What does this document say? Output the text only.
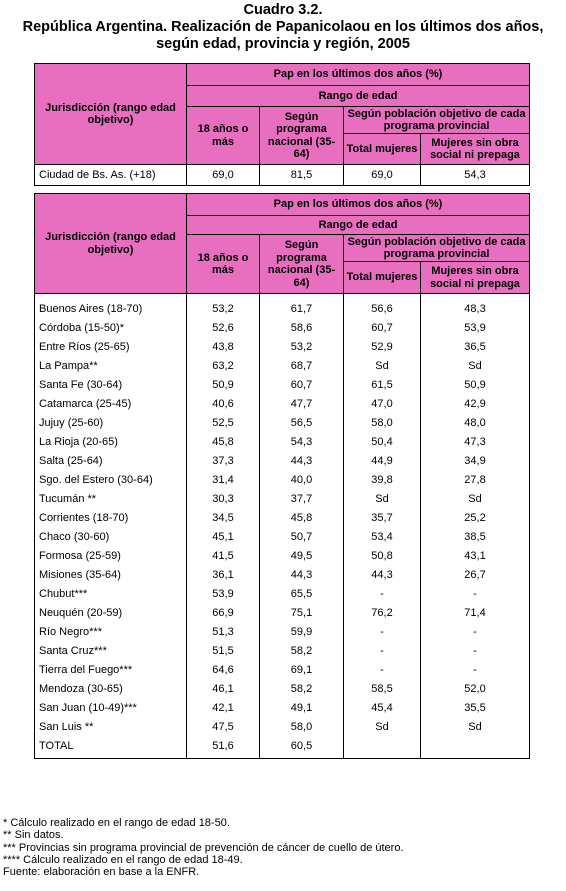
Cuadro 3.2.
República Argentina. Realización de Papanicolaou en los últimos dos años,
según edad, provincia y región, 2005
Jurisdicción (rango edad objetivo)	Pap en los últimos dos años (%)			
	Rango de edad			
	18 años o más	Según programa nacional (35-64)	Según población objetivo de cada programa provincial	
			Total mujeres	Mujeres sin obra social ni prepaga
Ciudad de Bs. As. (+18)	69,0	81,5	69,0	54,3
Jurisdicción (rango edad objetivo)	Pap en los últimos dos años (%)			
	Rango de edad			
	18 años o más	Según programa nacional (35-64)	Según población objetivo de cada programa provincial	
			Total mujeres	Mujeres sin obra social ni prepaga
Buenos Aires (18-70)	53,2	61,7	56,6	48,3
Córdoba (15-50)*	52,6	58,6	60,7	53,9
Entre Ríos (25-65)	43,8	53,2	52,9	36,5
La Pampa**	63,2	68,7	Sd	Sd
Santa Fe (30-64)	50,9	60,7	61,5	50,9
Catamarca (25-45)	40,6	47,7	47,0	42,9
Jujuy (25-60)	52,5	56,5	58,0	48,0
La Rioja (20-65)	45,8	54,3	50,4	47,3
Salta (25-64)	37,3	44,3	44,9	34,9
Sgo. del Estero (30-64)	31,4	40,0	39,8	27,8
Tucumán **	30,3	37,7	Sd	Sd
Corrientes (18-70)	34,5	45,8	35,7	25,2
Chaco (30-60)	45,1	50,7	53,4	38,5
Formosa (25-59)	41,5	49,5	50,8	43,1
Misiones (35-64)	36,1	44,3	44,3	26,7
Chubut***	53,9	65,5	-	-
Neuquén (20-59)	66,9	75,1	76,2	71,4
Río Negro***	51,3	59,9	-	-
Santa Cruz***	51,5	58,2	-	-
Tierra del Fuego***	64,6	69,1	-	-
Mendoza (30-65)	46,1	58,2	58,5	52,0
San Juan (10-49)***	42,1	49,1	45,4	35,5
San Luis **	47,5	58,0	Sd	Sd
TOTAL	51,6	60,5		
* Cálculo realizado en el rango de edad 18-50.
** Sin datos.
*** Provincias sin programa provincial de prevención de cáncer de cuello de útero.
**** Cálculo realizado en el rango de edad 18-49.
Fuente: elaboración en base a la ENFR.
